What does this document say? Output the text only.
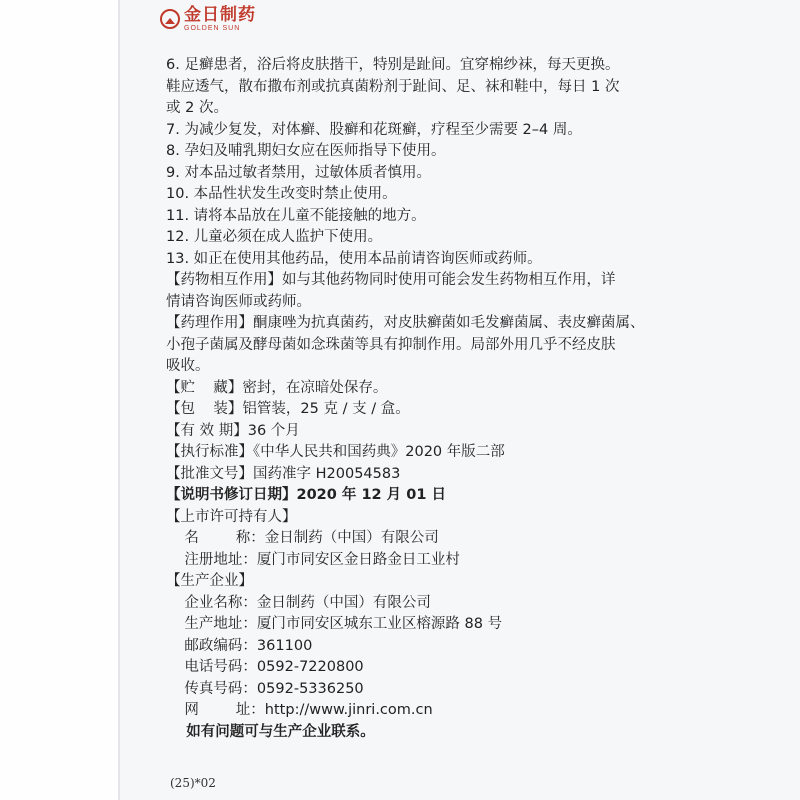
金日制药
GOLDEN SUN
6. 足癣患者，浴后将皮肤揩干，特别是趾间。宜穿棉纱袜，每天更换。
鞋应透气，散布撒布剂或抗真菌粉剂于趾间、足、袜和鞋中，每日 1 次
或 2 次。
7. 为减少复发，对体癣、股癣和花斑癣，疗程至少需要 2–4 周。
8. 孕妇及哺乳期妇女应在医师指导下使用。
9. 对本品过敏者禁用，过敏体质者慎用。
10. 本品性状发生改变时禁止使用。
11. 请将本品放在儿童不能接触的地方。
12. 儿童必须在成人监护下使用。
13. 如正在使用其他药品，使用本品前请咨询医师或药师。
【药物相互作用】如与其他药物同时使用可能会发生药物相互作用，详
情请咨询医师或药师。
【药理作用】酮康唑为抗真菌药，对皮肤癣菌如毛发癣菌属、表皮癣菌属、
小孢子菌属及酵母菌如念珠菌等具有抑制作用。局部外用几乎不经皮肤
吸收。
【贮    藏】密封，在凉暗处保存。
【包    装】铝管装，25 克 / 支 / 盒。
【有 效 期】36 个月
【执行标准】《中华人民共和国药典》2020 年版二部
【批准文号】国药准字 H20054583
【说明书修订日期】2020 年 12 月 01 日
【上市许可持有人】
名        称：金日制药（中国）有限公司
注册地址：厦门市同安区金日路金日工业村
【生产企业】
企业名称：金日制药（中国）有限公司
生产地址：厦门市同安区城东工业区榕源路 88 号
邮政编码：361100
电话号码：0592-7220800
传真号码：0592-5336250
网        址：http://www.jinri.com.cn
如有问题可与生产企业联系。
(25)*02
